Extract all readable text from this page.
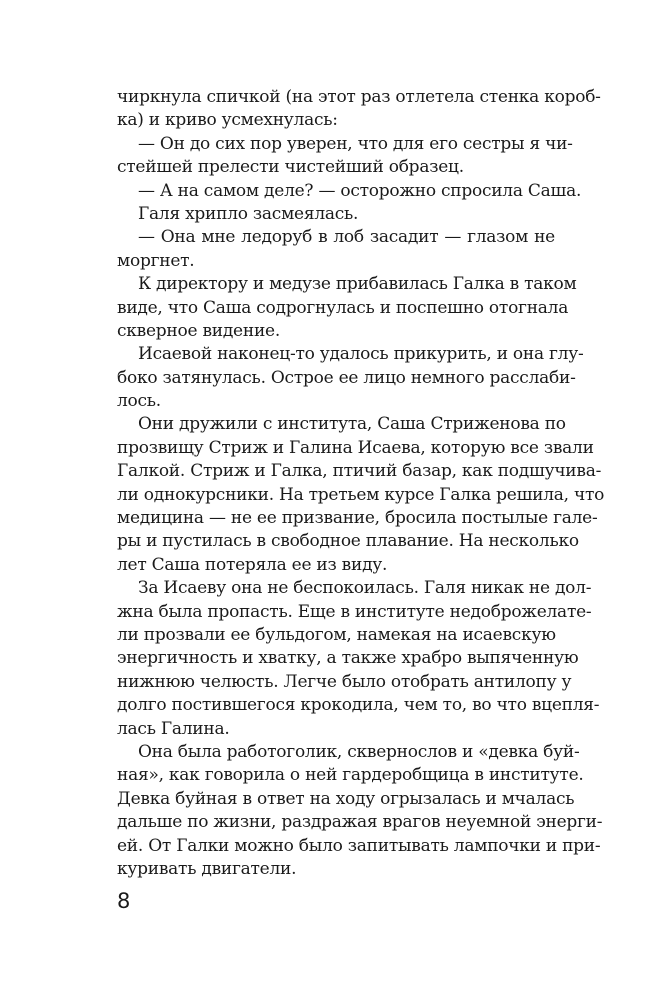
чиркнула спичкой (на этот раз отлетела стенка короб-
ка) и криво усмехнулась:
— Он до сих пор уверен, что для его сестры я чи-
стейшей прелести чистейший образец.
— А на самом деле? — осторожно спросила Саша.
Галя хрипло засмеялась.
— Она мне ледоруб в лоб засадит — глазом не
моргнет.
К директору и медузе прибавилась Галка в таком
виде, что Саша содрогнулась и поспешно отогнала
скверное видение.
Исаевой наконец-то удалось прикурить, и она глу-
боко затянулась. Острое ее лицо немного расслаби-
лось.
Они дружили с института, Саша Стриженова по
прозвищу Стриж и Галина Исаева, которую все звали
Галкой. Стриж и Галка, птичий базар, как подшучива-
ли однокурсники. На третьем курсе Галка решила, что
медицина — не ее призвание, бросила постылые гале-
ры и пустилась в свободное плавание. На несколько
лет Саша потеряла ее из виду.
За Исаеву она не беспокоилась. Галя никак не дол-
жна была пропасть. Еще в институте недоброжелате-
ли прозвали ее бульдогом, намекая на исаевскую
энергичность и хватку, а также храбро выпяченную
нижнюю челюсть. Легче было отобрать антилопу у
долго постившегося крокодила, чем то, во что вцепля-
лась Галина.
Она была работоголик, сквернослов и «девка буй-
ная», как говорила о ней гардеробщица в институте.
Девка буйная в ответ на ходу огрызалась и мчалась
дальше по жизни, раздражая врагов неуемной энерги-
ей. От Галки можно было запитывать лампочки и при-
куривать двигатели.
8
